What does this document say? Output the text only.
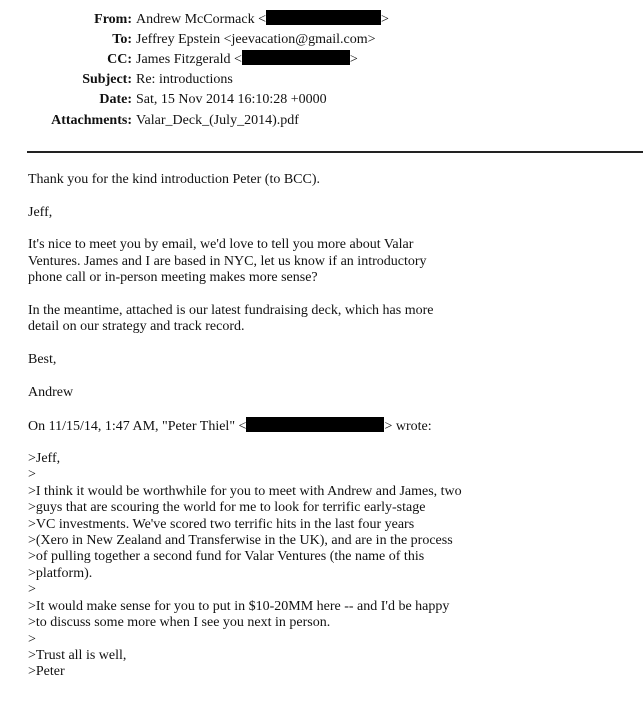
From: Andrew McCormack <	>
To: Jeffrey Epstein <jeevacation@gmail.com>
CC: James Fitzgerald <	>
Subject: Re: introductions
Date: Sat, 15 Nov 2014 16:10:28 +0000
Attachments: Valar_Deck_(July_2014).pdf
Thank you for the kind introduction Peter (to BCC).
Jeff,
It's nice to meet you by email, we'd love to tell you more about Valar
Ventures. James and I are based in NYC, let us know if an introductory
phone call or in-person meeting makes more sense?
In the meantime, attached is our latest fundraising deck, which has more
detail on our strategy and track record.
Best,
Andrew
On 11/15/14, 1:47 AM, "Peter Thiel" <	> wrote:
>Jeff,
>
>I think it would be worthwhile for you to meet with Andrew and James, two
>guys that are scouring the world for me to look for terrific early-stage
>VC investments. We've scored two terrific hits in the last four years
>(Xero in New Zealand and Transferwise in the UK), and are in the process
>of pulling together a second fund for Valar Ventures (the name of this
>platform).
>
>It would make sense for you to put in $10-20MM here -- and I'd be happy
>to discuss some more when I see you next in person.
>
>Trust all is well,
>Peter
